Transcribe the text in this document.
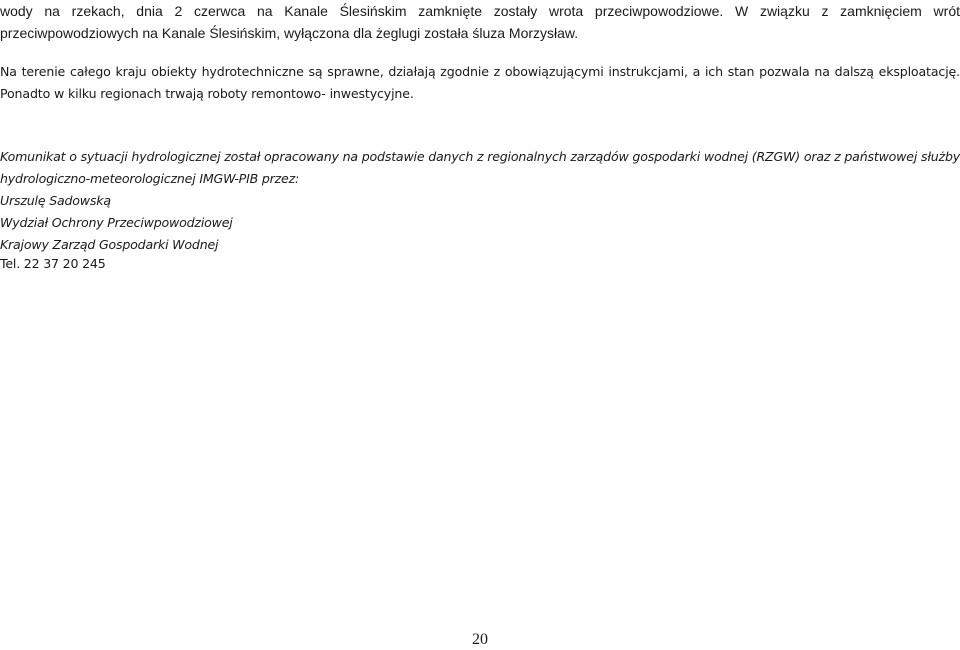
wody na rzekach, dnia 2 czerwca na Kanale Ślesińskim zamknięte zostały wrota przeciwpowodziowe. W związku z zamknięciem wrót przeciwpowodziowych na Kanale Ślesińskim, wyłączona dla żeglugi została śluza Morzysław.

Na terenie całego kraju obiekty hydrotechniczne są sprawne, działają zgodnie z obowiązującymi instrukcjami, a ich stan pozwala na dalszą eksploatację. Ponadto w kilku regionach trwają roboty remontowo- inwestycyjne.

Komunikat o sytuacji hydrologicznej został opracowany na podstawie danych z regionalnych zarządów gospodarki wodnej (RZGW) oraz z państwowej służby
hydrologiczno-meteorologicznej IMGW-PIB przez:
Urszulę Sadowską
Wydział Ochrony Przeciwpowodziowej
Krajowy Zarząd Gospodarki Wodnej

Tel. 22 37 20 245

20
